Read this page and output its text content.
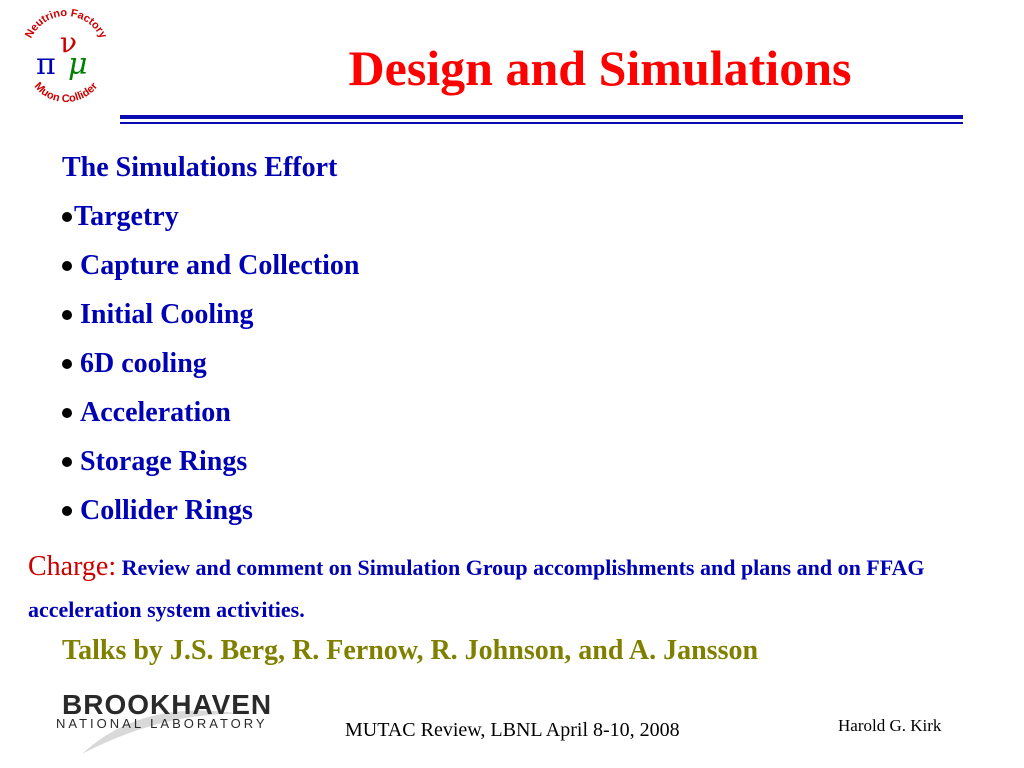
Neutrino Factory
Muon Collider
ν
π μ	Design and Simulations
The Simulations Effort
Targetry
Capture and Collection
Initial Cooling
6D cooling
Acceleration
Storage Rings
Collider Rings
Charge: Review and comment on Simulation Group accomplishments and plans and on FFAG acceleration system activities.
Talks by J.S. Berg, R. Fernow, R. Johnson, and A. Jansson
BROOKHAVEN
NATIONAL LABORATORY	MUTAC Review, LBNL April 8-10, 2008	Harold G. Kirk
